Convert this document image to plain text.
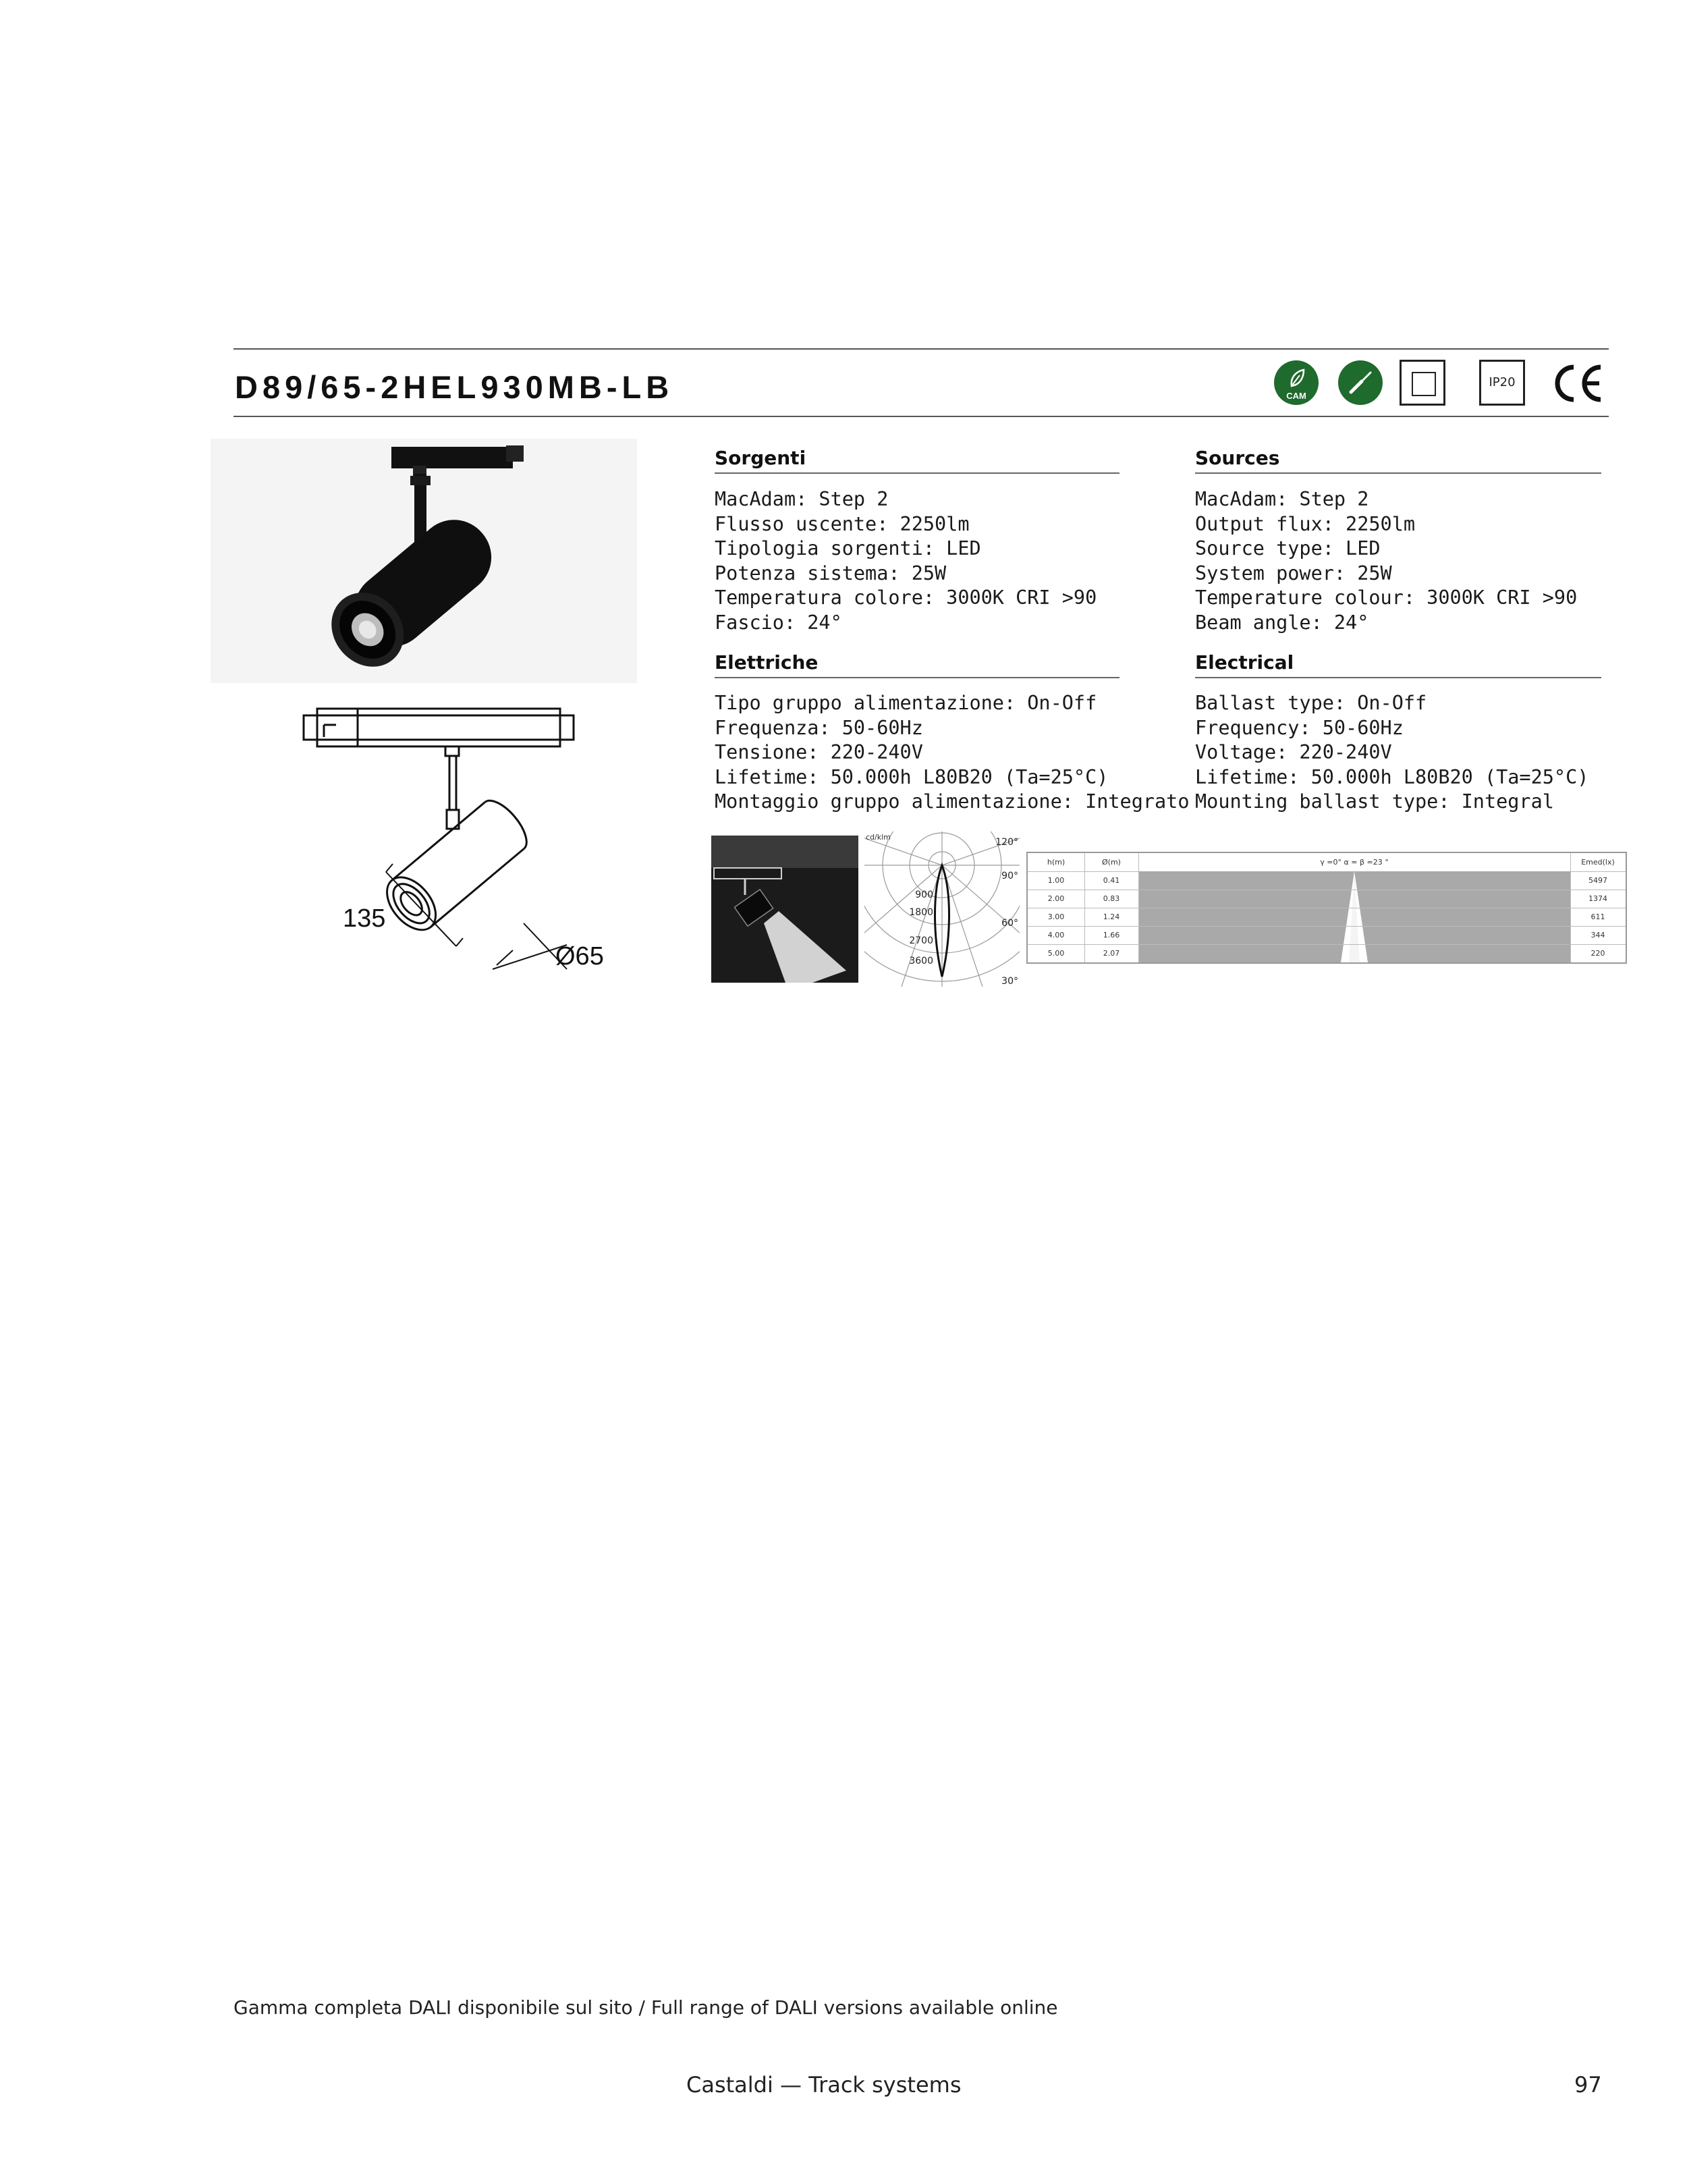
D89/65-2HEL930MB-LB	CAM
IP20
135
Ø65
Sorgenti
MacAdam: Step 2
Flusso uscente: 2250lm
Tipologia sorgenti: LED
Potenza sistema: 25W
Temperatura colore: 3000K CRI >90
Fascio: 24°
Elettriche
Tipo gruppo alimentazione: On-Off
Frequenza: 50-60Hz
Tensione: 220-240V
Lifetime: 50.000h L80B20 (Ta=25°C)
Montaggio gruppo alimentazione: Integrato
Sources
MacAdam: Step 2
Output flux: 2250lm
Source type: LED
System power: 25W
Temperature colour: 3000K CRI >90
Beam angle: 24°
Electrical
Ballast type: On-Off
Frequency: 50-60Hz
Voltage: 220-240V
Lifetime: 50.000h L80B20 (Ta=25°C)
Mounting ballast type: Integral
cd/klm
900
1800
2700
3600
120°
90°
60°
30°
h(m)	Ø(m)	γ =0° α = β =23 °	Emed(lx)
1.00	0.41	5497
2.00	0.83	1374
3.00	1.24	611
4.00	1.66	344
5.00	2.07	220
Gamma completa DALI disponibile sul sito / Full range of DALI versions available online
Castaldi — Track systems	97
